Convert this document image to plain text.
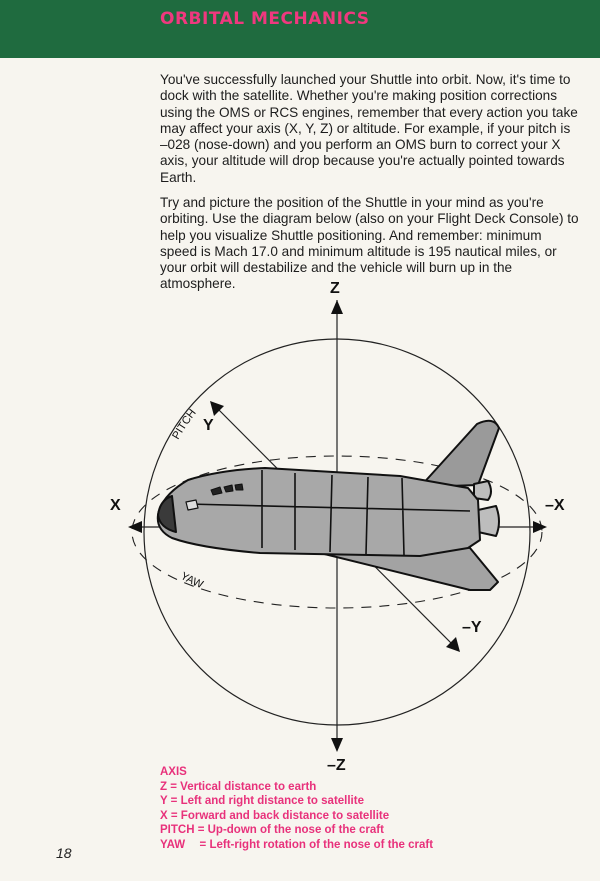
ORBITAL MECHANICS
You've successfully launched your Shuttle into orbit. Now, it's time to dock with the satellite. Whether you're making position corrections using the OMS or RCS engines, remember that every action you take may affect your axis (X, Y, Z) or altitude. For example, if your pitch is –028 (nose-down) and you perform an OMS burn to correct your X axis, your altitude will drop because you're actually pointed towards Earth.
Try and picture the position of the Shuttle in your mind as you're orbiting. Use the diagram below (also on your Flight Deck Console) to help you visualize Shuttle positioning. And remember: minimum speed is Mach 17.0 and minimum altitude is 195 nautical miles, or your orbit will destabilize and the vehicle will burn up in the atmosphere.	Z
–Z
X	–X
Y
–Y
PITCH
YAW
AXIS
Z = Vertical distance to earth
Y = Left and right distance to satellite
X = Forward and back distance to satellite
PITCH = Up-down of the nose of the craft
YAW = Left-right rotation of the nose of the craft
18
